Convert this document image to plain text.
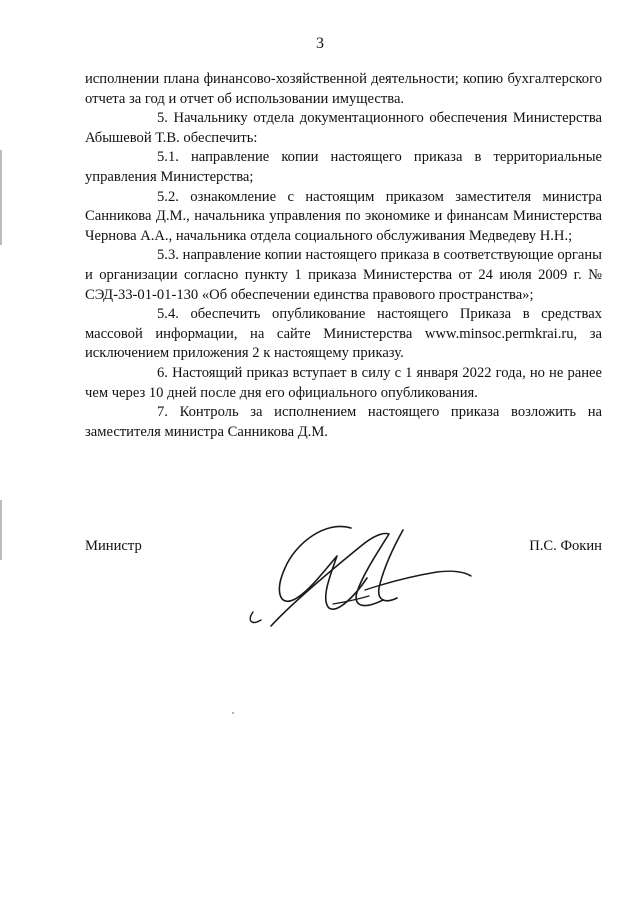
3

исполнении плана финансово-хозяйственной деятельности; копию бухгалтерского отчета за год и отчет об использовании имущества.

5. Начальнику отдела документационного обеспечения Министерства Абышевой Т.В. обеспечить:

5.1. направление копии настоящего приказа в территориальные управления Министерства;

5.2. ознакомление с настоящим приказом заместителя министра Санникова Д.М., начальника управления по экономике и финансам Министерства Чернова А.А., начальника отдела социального обслуживания Медведеву Н.Н.;

5.3. направление копии настоящего приказа в соответствующие органы и организации согласно пункту 1 приказа Министерства от 24 июля 2009 г. № СЭД-33-01-01-130 «Об обеспечении единства правового пространства»;

5.4. обеспечить опубликование настоящего Приказа в средствах массовой информации, на сайте Министерства www.minsoc.permkrai.ru, за исключением приложения 2 к настоящему приказу.

6. Настоящий приказ вступает в силу с 1 января 2022 года, но не ранее чем через 10 дней после дня его официального опубликования.

7. Контроль за исполнением настоящего приказа возложить на заместителя министра Санникова Д.М.

Министр	П.С. Фокин
